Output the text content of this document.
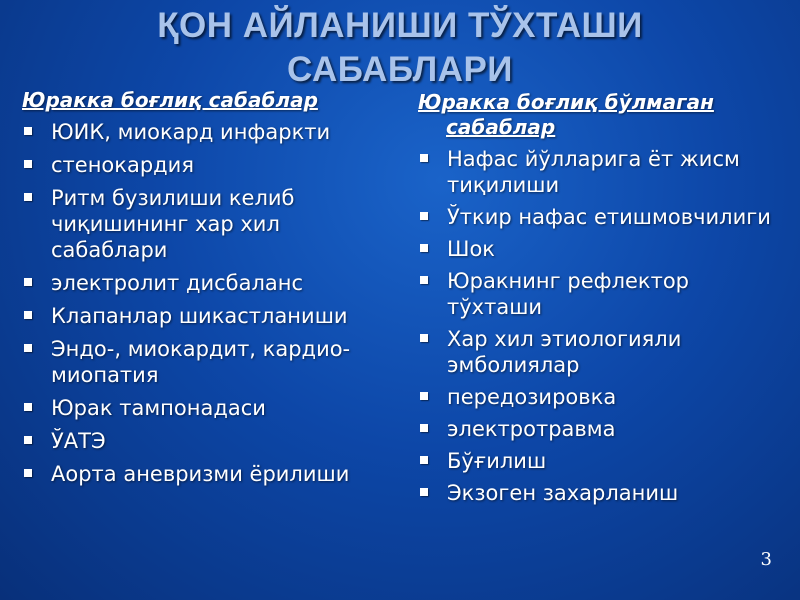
ҚОН АЙЛАНИШИ ТЎХТАШИ
САБАБЛАРИ
Юракка боғлиқ сабаблар
ЮИК, миокард инфаркти
стенокардия
Ритм бузилиши келиб чиқишининг хар хил сабаблари
электролит дисбаланс
Клапанлар шикастланиши
Эндо-, миокардит, кардио-миопатия
Юрак тампонадаси
ЎАТЭ
Аорта аневризми ёрилиши
Юракка боғлиқ бўлмаган
сабаблар
Нафас йўлларига ёт жисм тиқилиши
Ўткир нафас етишмовчилиги
Шок
Юракнинг рефлектор тўхташи
Хар хил этиологияли эмболиялар
передозировка
электротравма
Бўғилиш
Экзоген захарланиш
3
